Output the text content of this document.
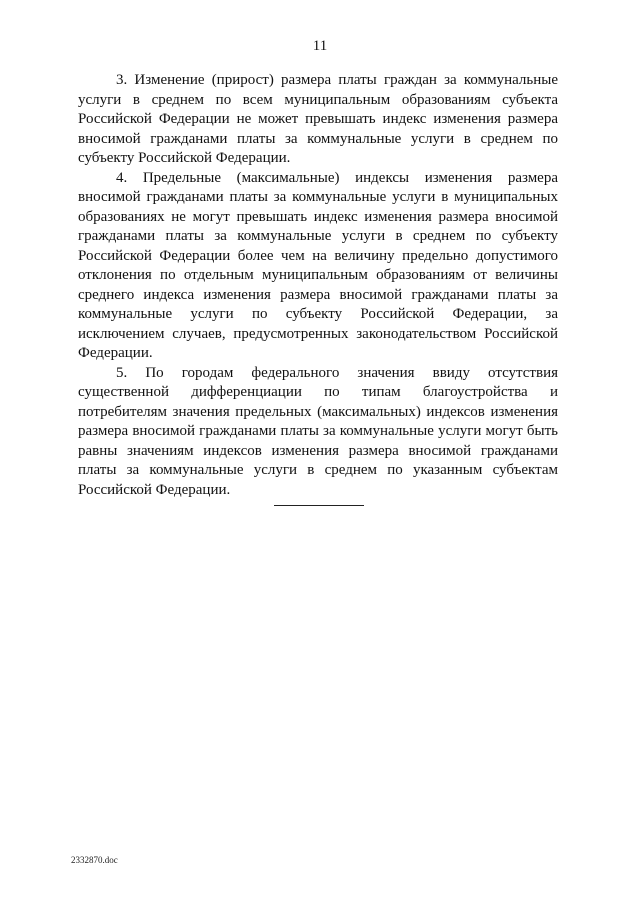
11

3. Изменение (прирост) размера платы граждан за коммунальные услуги в среднем по всем муниципальным образованиям субъекта Российской Федерации не может превышать индекс изменения размера вносимой гражданами платы за коммунальные услуги в среднем по субъекту Российской Федерации.

4. Предельные (максимальные) индексы изменения размера вносимой гражданами платы за коммунальные услуги в муниципальных образованиях не могут превышать индекс изменения размера вносимой гражданами платы за коммунальные услуги в среднем по субъекту Российской Федерации более чем на величину предельно допустимого отклонения по отдельным муниципальным образованиям от величины среднего индекса изменения размера вносимой гражданами платы за коммунальные услуги по субъекту Российской Федерации, за исключением случаев, предусмотренных законодательством Российской Федерации.

5. По городам федерального значения ввиду отсутствия существенной дифференциации по типам благоустройства и потребителям значения предельных (максимальных) индексов изменения размера вносимой гражданами платы за коммунальные услуги могут быть равны значениям индексов изменения размера вносимой гражданами платы за коммунальные услуги в среднем по указанным субъектам Российской Федерации.

2332870.doc
